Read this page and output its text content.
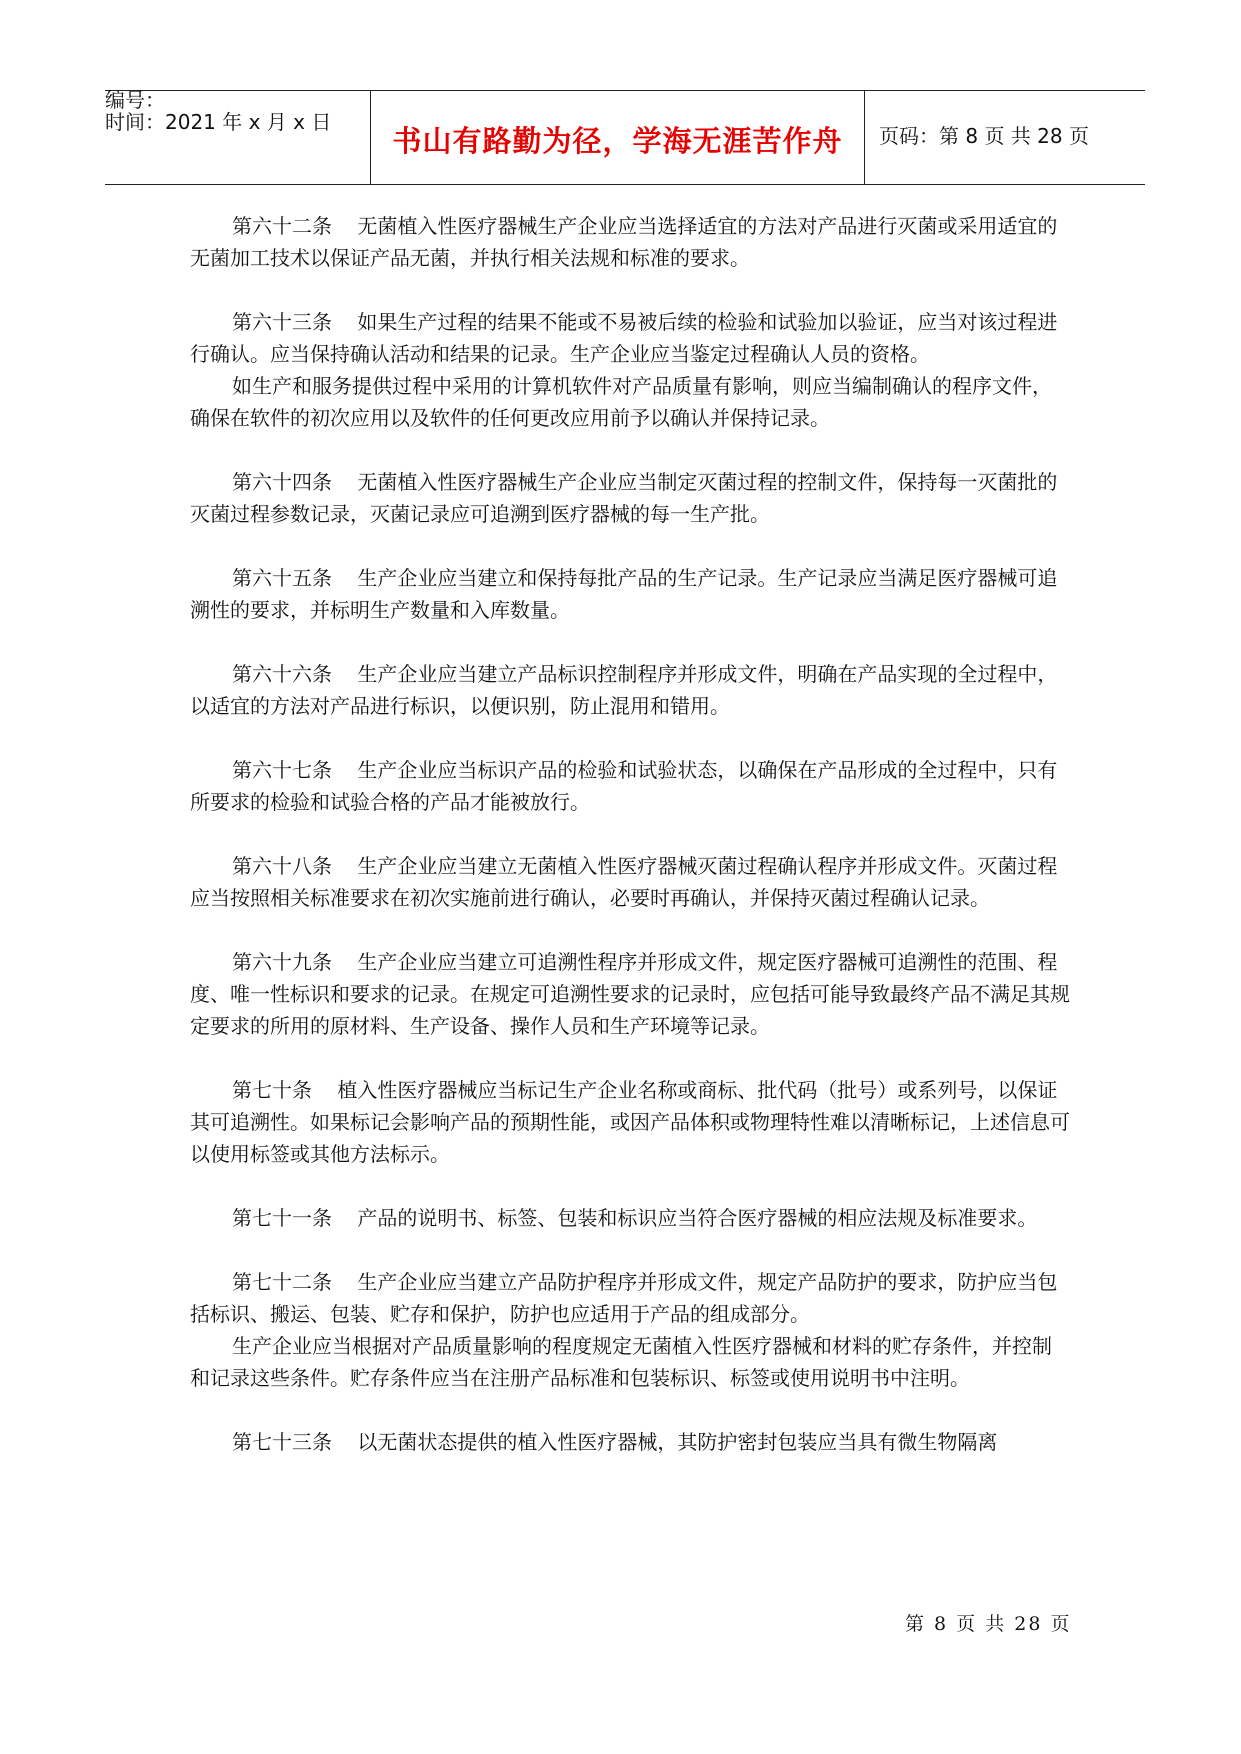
编号：
时间：2021 年 x 月 x 日
书山有路勤为径，学海无涯苦作舟	页码：第 8 页 共 28 页

第六十二条    无菌植入性医疗器械生产企业应当选择适宜的方法对产品进行灭菌或采用适宜的无菌加工技术以保证产品无菌，并执行相关法规和标准的要求。

第六十三条    如果生产过程的结果不能或不易被后续的检验和试验加以验证，应当对该过程进行确认。应当保持确认活动和结果的记录。生产企业应当鉴定过程确认人员的资格。

如生产和服务提供过程中采用的计算机软件对产品质量有影响，则应当编制确认的程序文件，确保在软件的初次应用以及软件的任何更改应用前予以确认并保持记录。

第六十四条    无菌植入性医疗器械生产企业应当制定灭菌过程的控制文件，保持每一灭菌批的灭菌过程参数记录，灭菌记录应可追溯到医疗器械的每一生产批。

第六十五条    生产企业应当建立和保持每批产品的生产记录。生产记录应当满足医疗器械可追溯性的要求，并标明生产数量和入库数量。

第六十六条    生产企业应当建立产品标识控制程序并形成文件，明确在产品实现的全过程中，以适宜的方法对产品进行标识，以便识别，防止混用和错用。

第六十七条    生产企业应当标识产品的检验和试验状态，以确保在产品形成的全过程中，只有所要求的检验和试验合格的产品才能被放行。

第六十八条    生产企业应当建立无菌植入性医疗器械灭菌过程确认程序并形成文件。灭菌过程应当按照相关标准要求在初次实施前进行确认，必要时再确认，并保持灭菌过程确认记录。

第六十九条    生产企业应当建立可追溯性程序并形成文件，规定医疗器械可追溯性的范围、程度、唯一性标识和要求的记录。在规定可追溯性要求的记录时，应包括可能导致最终产品不满足其规定要求的所用的原材料、生产设备、操作人员和生产环境等记录。

第七十条    植入性医疗器械应当标记生产企业名称或商标、批代码（批号）或系列号，以保证其可追溯性。如果标记会影响产品的预期性能，或因产品体积或物理特性难以清晰标记，上述信息可以使用标签或其他方法标示。

第七十一条    产品的说明书、标签、包装和标识应当符合医疗器械的相应法规及标准要求。

第七十二条    生产企业应当建立产品防护程序并形成文件，规定产品防护的要求，防护应当包括标识、搬运、包装、贮存和保护，防护也应适用于产品的组成部分。

生产企业应当根据对产品质量影响的程度规定无菌植入性医疗器械和材料的贮存条件，并控制和记录这些条件。贮存条件应当在注册产品标准和包装标识、标签或使用说明书中注明。

第七十三条    以无菌状态提供的植入性医疗器械，其防护密封包装应当具有微生物隔离

第 8 页 共 28 页
